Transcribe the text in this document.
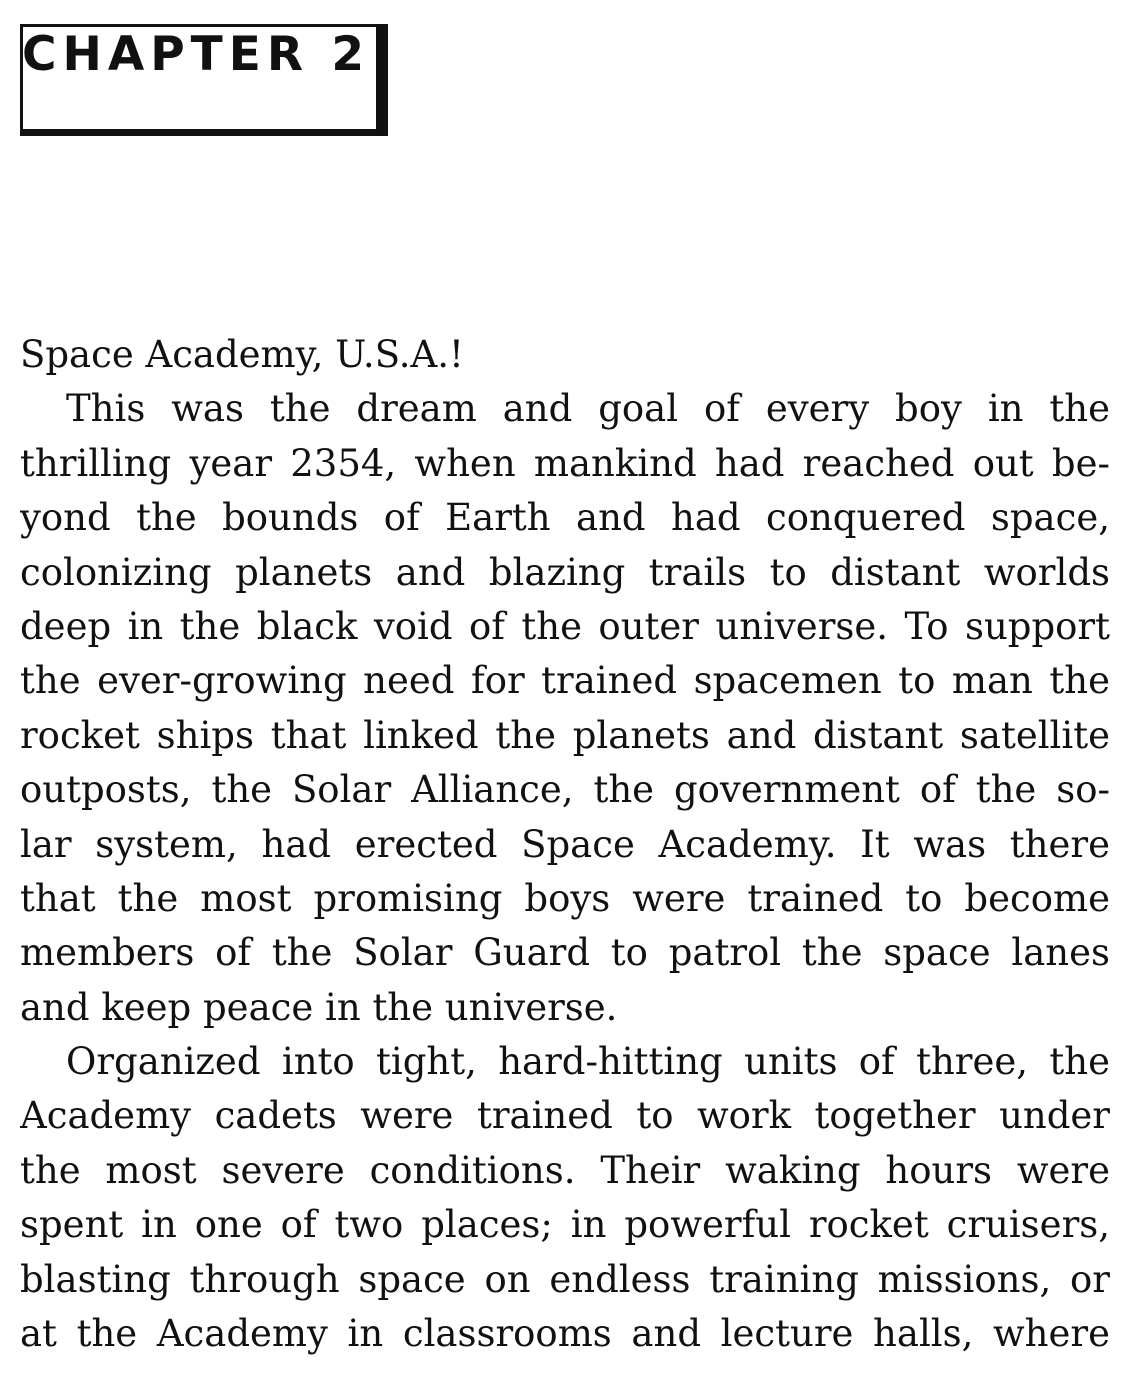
CHAPTER 2
Space Academy, U.S.A.!
This was the dream and goal of every boy in the
thrilling year 2354, when mankind had reached out be-
yond the bounds of Earth and had conquered space,
colonizing planets and blazing trails to distant worlds
deep in the black void of the outer universe. To support
the ever-growing need for trained spacemen to man the
rocket ships that linked the planets and distant satellite
outposts, the Solar Alliance, the government of the so-
lar system, had erected Space Academy. It was there
that the most promising boys were trained to become
members of the Solar Guard to patrol the space lanes
and keep peace in the universe.
Organized into tight, hard-hitting units of three, the
Academy cadets were trained to work together under
the most severe conditions. Their waking hours were
spent in one of two places; in powerful rocket cruisers,
blasting through space on endless training missions, or
at the Academy in classrooms and lecture halls, where
